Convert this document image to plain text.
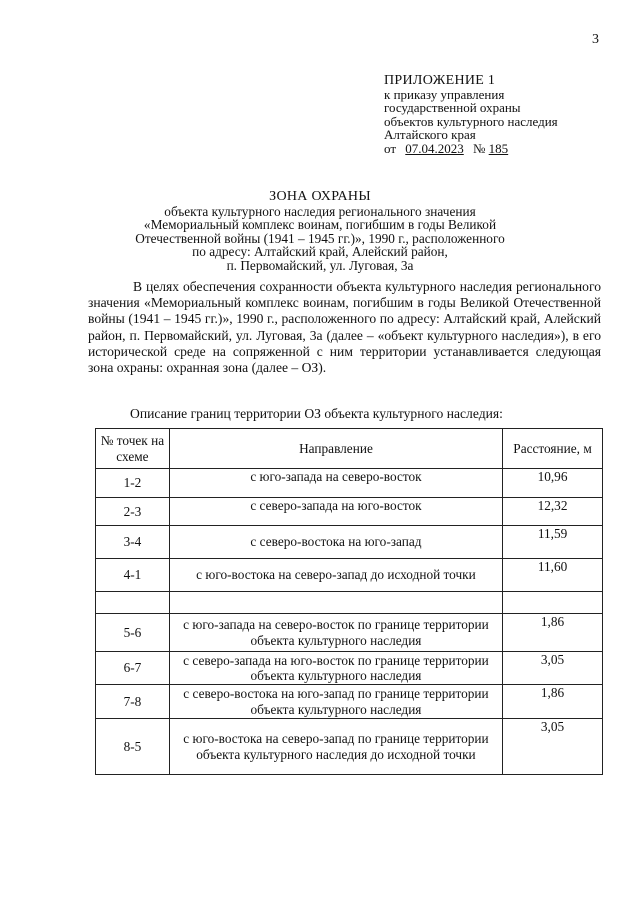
3
ПРИЛОЖЕНИЕ 1
к приказу управления
государственной охраны
объектов культурного наследия
Алтайского края
от 07.04.2023 № 185
ЗОНА ОХРАНЫ
объекта культурного наследия регионального значения
«Мемориальный комплекс воинам, погибшим в годы Великой
Отечественной войны (1941 – 1945 гг.)», 1990 г., расположенного
по адресу: Алтайский край, Алейский район,
п. Первомайский, ул. Луговая, 3а

В целях обеспечения сохранности объекта культурного наследия регионального значения «Мемориальный комплекс воинам, погибшим в годы Великой Отечественной войны (1941 – 1945 гг.)», 1990 г., расположенного по адресу: Алтайский край, Алейский район, п. Первомайский, ул. Луговая, 3а (далее – «объект культурного наследия»), в его исторической среде на сопряженной с ним территории устанавливается следующая зона охраны: охранная зона (далее – ОЗ).

Описание границ территории ОЗ объекта культурного наследия:
№ точек на схеме	Направление	Расстояние, м
1-2	с юго-запада на северо-восток	10,96
2-3	с северо-запада на юго-восток	12,32
3-4	с северо-востока на юго-запад	11,59
4-1	с юго-востока на северо-запад до исходной точки	11,60

5-6	с юго-запада на северо-восток по границе территории объекта культурного наследия	1,86
6-7	с северо-запада на юго-восток по границе территории объекта культурного наследия	3,05
7-8	с северо-востока на юго-запад по границе территории объекта культурного наследия	1,86
8-5	с юго-востока на северо-запад по границе территории объекта культурного наследия до исходной точки	3,05
